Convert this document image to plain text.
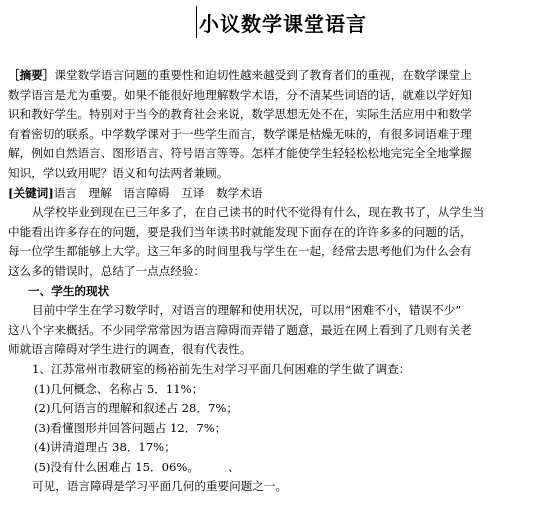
小议数学课堂语言
［摘要］课堂数学语言问题的重要性和迫切性越来越受到了教育者们的重视，在数学课堂上
数学语言是尤为重要。如果不能很好地理解数学术语，分不清某些词语的话，就难以学好知
识和教好学生。特别对于当今的教育社会来说，数学思想无处不在，实际生活应用中和数学
有着密切的联系。中学数学课对于一些学生而言，数学课是枯燥无味的，有很多词语难于理
解，例如自然语言、图形语言、符号语言等等。怎样才能使学生轻轻松松地完完全全地掌握
知识，学以致用呢？语义和句法两者兼顾。
[关键词]语言　理解　语言障碍　互译　数学术语
从学校毕业到现在已三年多了，在自己读书的时代不觉得有什么，现在教书了，从学生当
中能看出许多存在的问题，要是我们当年读书时就能发现下面存在的许许多多的问题的话，
每一位学生都能够上大学。这三年多的时间里我与学生在一起，经常去思考他们为什么会有
这么多的错误时，总结了一点点经验：
一、学生的现状
目前中学生在学习数学时，对语言的理解和使用状况，可以用“困难不小，错误不少”
这八个字来概括。不少同学常常因为语言障碍而弄错了题意，最近在网上看到了几则有关老
师就语言障碍对学生进行的调查，很有代表性。
1、江苏常州市教研室的杨裕前先生对学习平面几何困难的学生做了调查：
(1)几何概念、名称占 5．11%；
(2)几何语言的理解和叙述占 28．7%；
(3)看懂图形并回答问题占 12．7%；
(4)讲清道理占 38．17%；
(5)没有什么困难占 15．06%。　　　、
可见，语言障碍是学习平面几何的重要问题之一。
